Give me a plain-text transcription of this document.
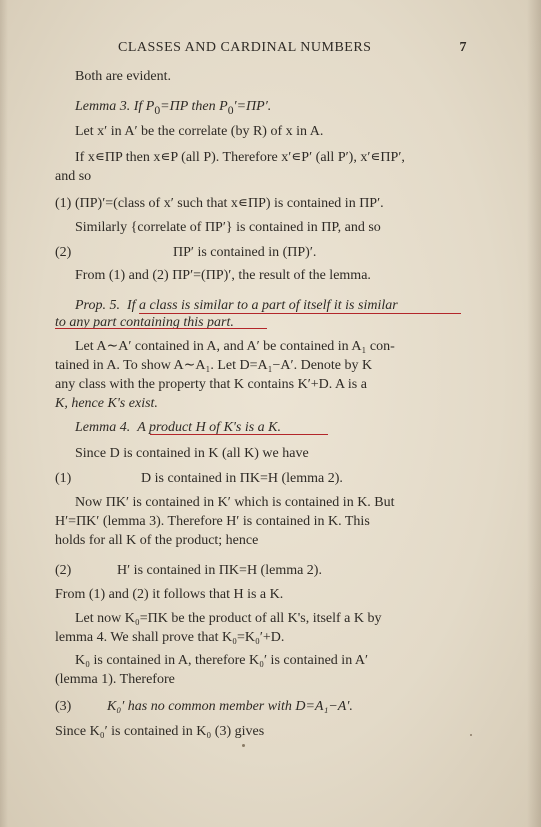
CLASSES AND CARDINAL NUMBERS	7
Both are evident.
Lemma 3. If $P_0=\Pi P$ then $P_0'=\Pi P'$.
Let x′ in A′ be the correlate (by R) of x in A.
If x∊ΠP then x∊P (all P). Therefore x′∊P′ (all P′), x′∊ΠP′,
and so
(1) (ΠP)′=(class of x′ such that x∊ΠP) is contained in ΠP′.
Similarly {correlate of ΠP′} is contained in ΠP, and so
(2)	ΠP′ is contained in (ΠP)′.
From (1) and (2) ΠP′=(ΠP)′, the result of the lemma.
Prop. 5. If a class is similar to a part of itself it is similar
to any part containing this part.
Let A∼A′ contained in A, and A′ be contained in A₁ con-
tained in A. To show A∼A₁. Let D=A₁−A′. Denote by K
any class with the property that K contains K′+D. A is a
K, hence K's exist.
Lemma 4. A product H of K's is a K.
Since D is contained in K (all K) we have
(1)	D is contained in ΠK=H (lemma 2).
Now ΠK′ is contained in K′ which is contained in K. But
H′=ΠK′ (lemma 3). Therefore H′ is contained in K. This
holds for all K of the product; hence
(2)	H′ is contained in ΠK=H (lemma 2).
From (1) and (2) it follows that H is a K.
Let now K₀=ΠK be the product of all K's, itself a K by
lemma 4. We shall prove that K₀=K₀′+D.
K₀ is contained in A, therefore K₀′ is contained in A′
(lemma 1). Therefore
(3)	K₀′ has no common member with D=A₁−A′.
Since K₀′ is contained in K₀ (3) gives
